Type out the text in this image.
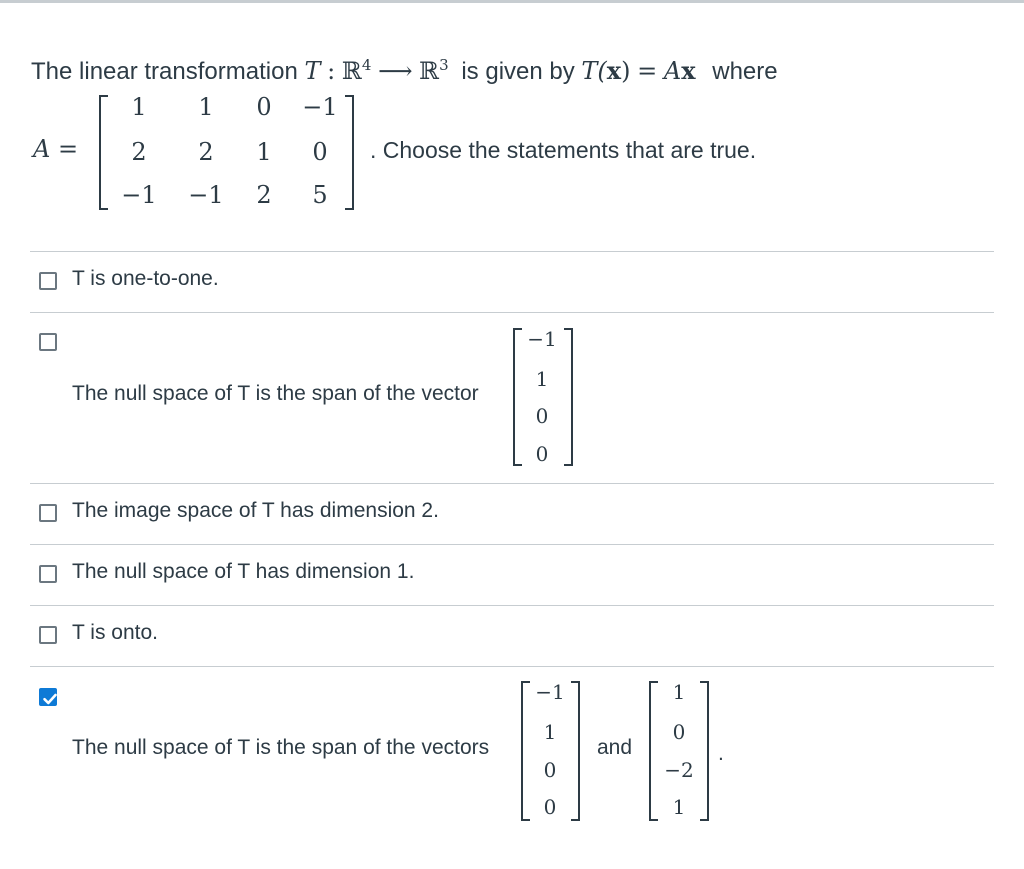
The linear transformation T : ℝ$^4$ ⟶ ℝ$^3$ is given by T(x) = Ax where
A =
1	1	0	−1
2	2	1	0
−1 −1	2	5
. Choose the statements that are true.
T is one-to-one.
The null space of T is the span of the vector
−1
1
0
0
The image space of T has dimension 2.
The null space of T has dimension 1.
T is onto.
The null space of T is the span of the vectors
−1
1
0
0
and
1
0
−2
1
.
